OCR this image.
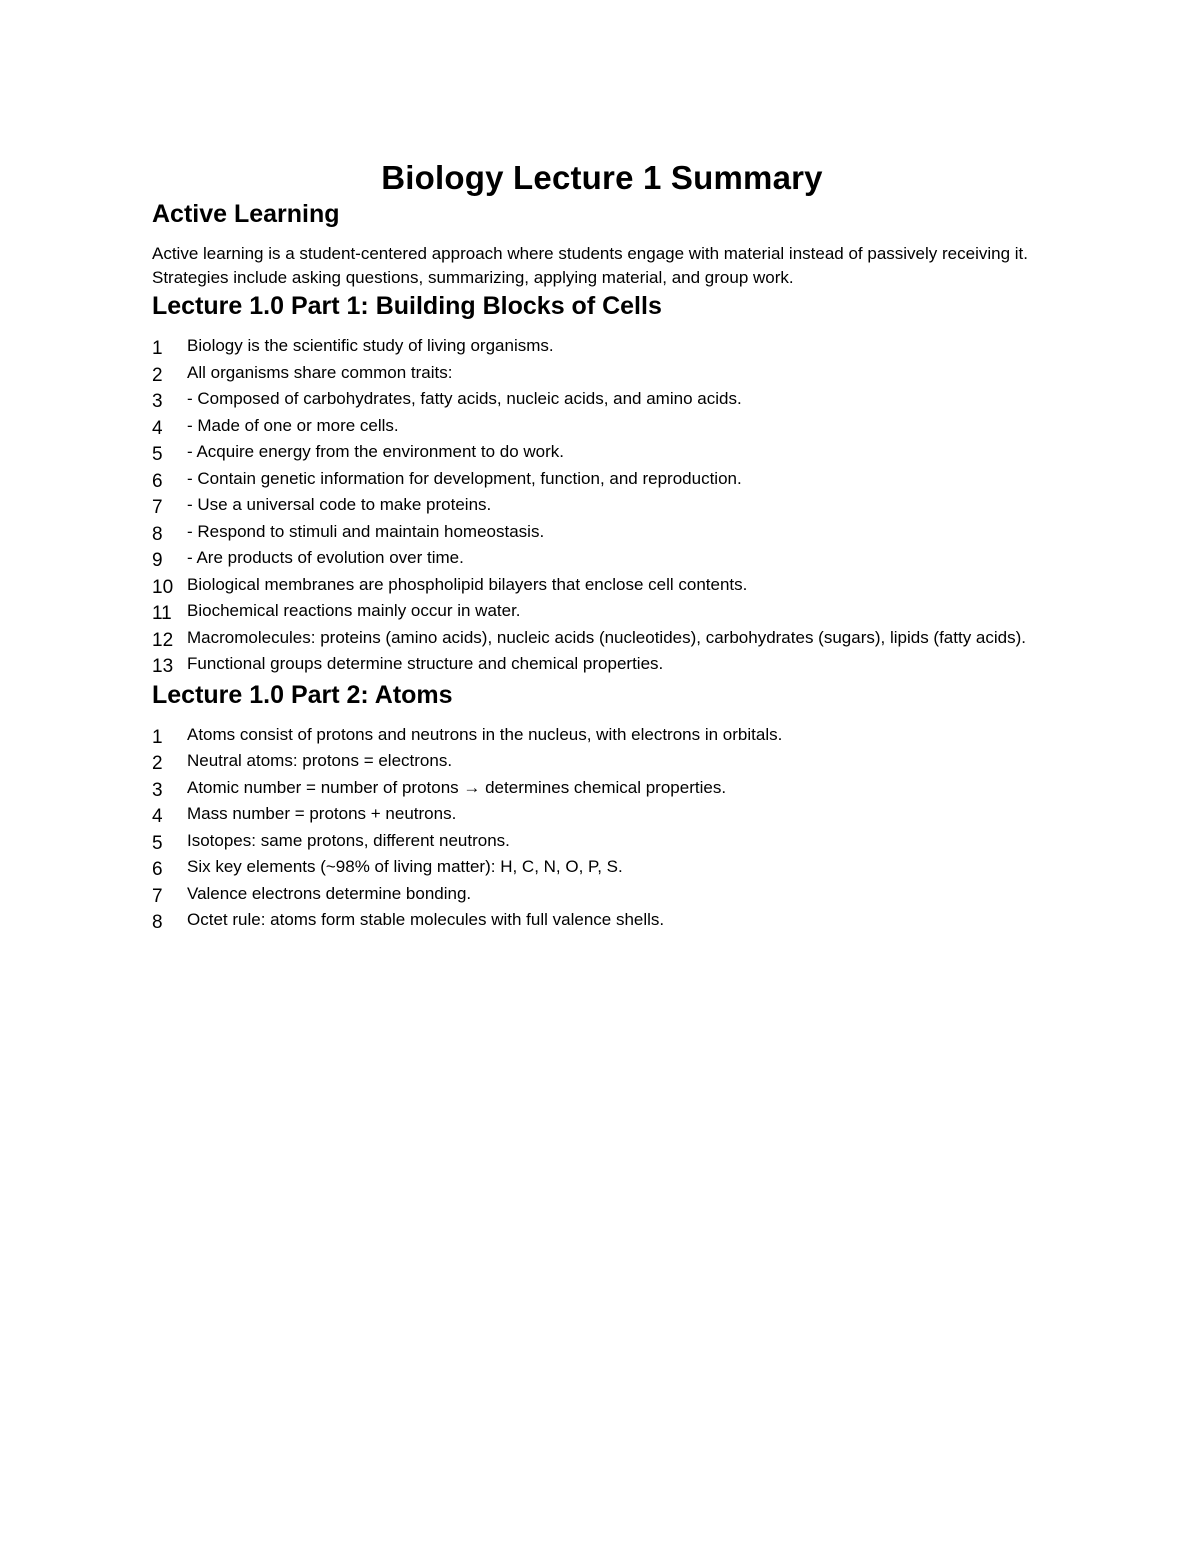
Biology Lecture 1 Summary
Active Learning

Active learning is a student-centered approach where students engage with material instead of passively receiving it. Strategies include asking questions, summarizing, applying material, and group work.

Lecture 1.0 Part 1: Building Blocks of Cells
1	Biology is the scientific study of living organisms.
2	All organisms share common traits:
3	- Composed of carbohydrates, fatty acids, nucleic acids, and amino acids.
4	- Made of one or more cells.
5	- Acquire energy from the environment to do work.
6	- Contain genetic information for development, function, and reproduction.
7	- Use a universal code to make proteins.
8	- Respond to stimuli and maintain homeostasis.
9	- Are products of evolution over time.
10 Biological membranes are phospholipid bilayers that enclose cell contents.
11 Biochemical reactions mainly occur in water.
12 Macromolecules: proteins (amino acids), nucleic acids (nucleotides), carbohydrates (sugars), lipids (fatty acids).
13 Functional groups determine structure and chemical properties.
Lecture 1.0 Part 2: Atoms
1	Atoms consist of protons and neutrons in the nucleus, with electrons in orbitals.
2	Neutral atoms: protons = electrons.
3	Atomic number = number of protons → determines chemical properties.
4	Mass number = protons + neutrons.
5	Isotopes: same protons, different neutrons.
6	Six key elements (~98% of living matter): H, C, N, O, P, S.
7	Valence electrons determine bonding.
8	Octet rule: atoms form stable molecules with full valence shells.
